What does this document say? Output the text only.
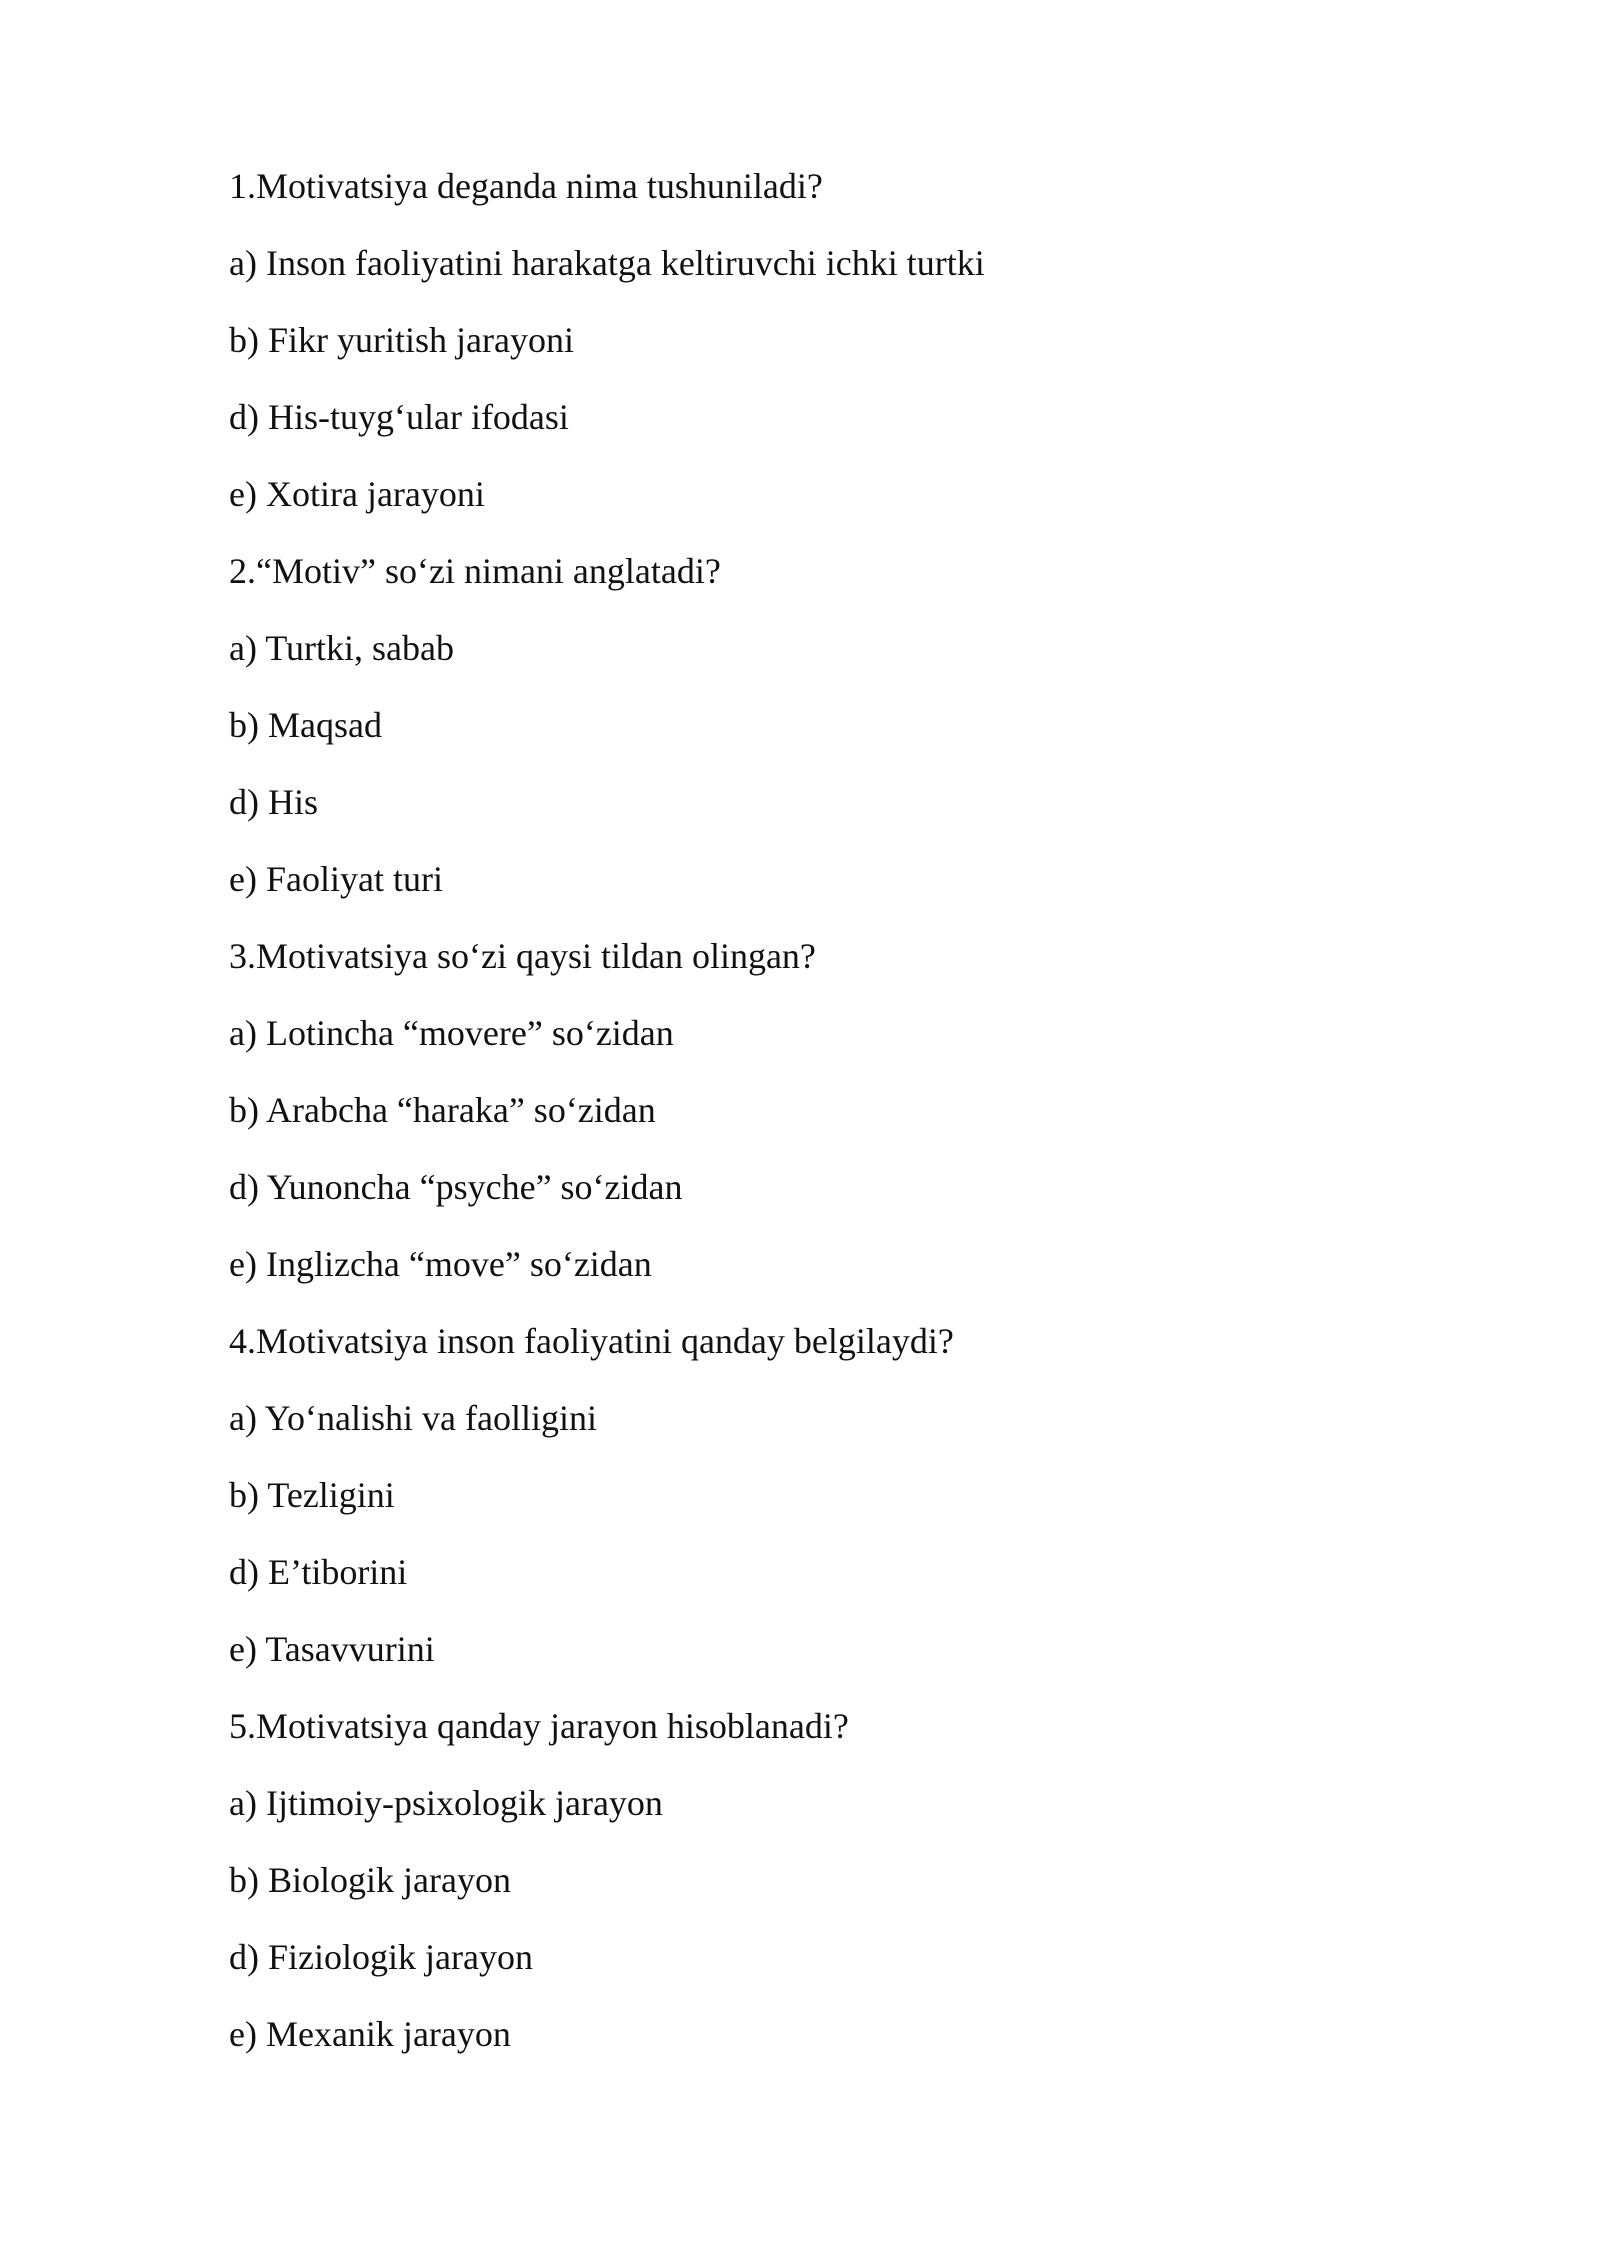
1.Motivatsiya deganda nima tushuniladi?
a) Inson faoliyatini harakatga keltiruvchi ichki turtki
b) Fikr yuritish jarayoni
d) His-tuyg‘ular ifodasi
e) Xotira jarayoni
2.“Motiv” so‘zi nimani anglatadi?
a) Turtki, sabab
b) Maqsad
d) His
e) Faoliyat turi
3.Motivatsiya so‘zi qaysi tildan olingan?
a) Lotincha “movere” so‘zidan
b) Arabcha “haraka” so‘zidan
d) Yunoncha “psyche” so‘zidan
e) Inglizcha “move” so‘zidan
4.Motivatsiya inson faoliyatini qanday belgilaydi?
a) Yo‘nalishi va faolligini
b) Tezligini
d) E’tiborini
e) Tasavvurini
5.Motivatsiya qanday jarayon hisoblanadi?
a) Ijtimoiy-psixologik jarayon
b) Biologik jarayon
d) Fiziologik jarayon
e) Mexanik jarayon
